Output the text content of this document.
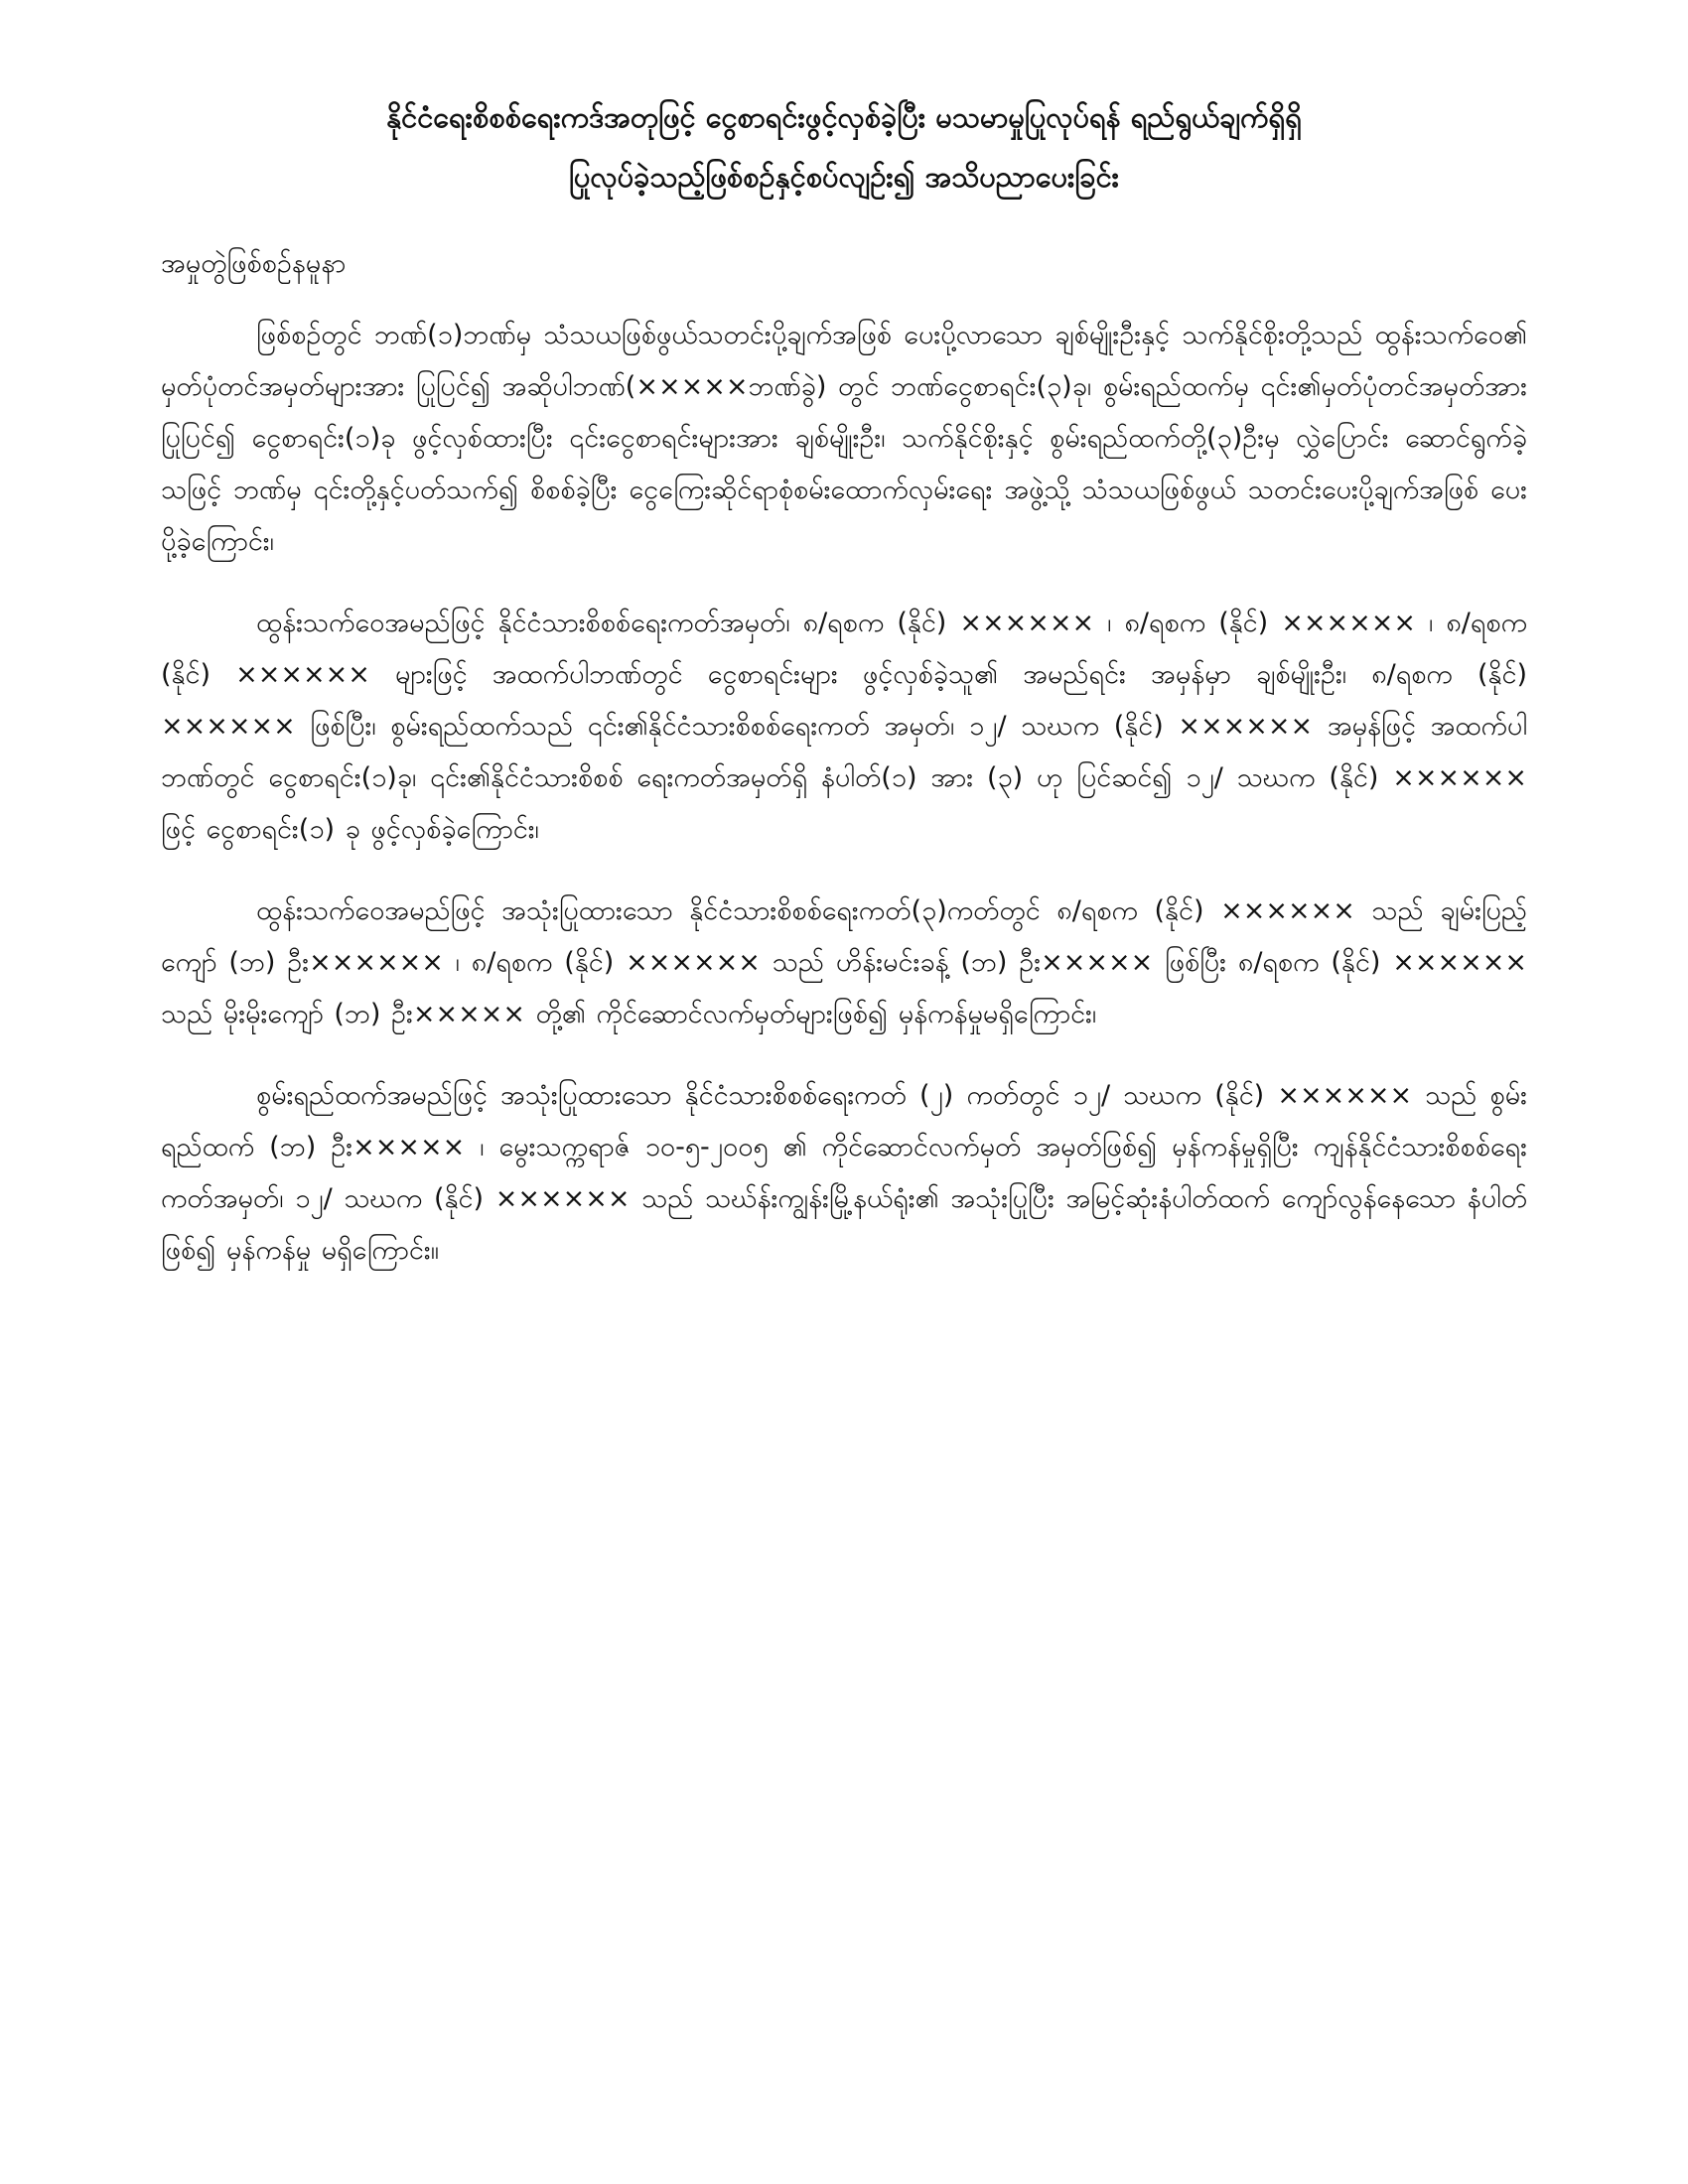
နိုင်ငံရေးစိစစ်ရေးကဒ်အတုဖြင့် ငွေစာရင်းဖွင့်လှစ်ခဲ့ပြီး မသမာမှုပြုလုပ်ရန် ရည်ရွယ်ချက်ရှိရှိ
ပြုလုပ်ခဲ့သည့်ဖြစ်စဉ်နှင့်စပ်လျဉ်း၍ အသိပညာပေးခြင်း

အမှုတွဲဖြစ်စဉ်နမူနာ

ဖြစ်စဉ်တွင် ဘဏ်(၁)ဘဏ်မှ သံသယဖြစ်ဖွယ်သတင်းပို့ချက်အဖြစ် ပေးပို့လာသော ချစ်မျိုးဦးနှင့် သက်နိုင်စိုးတို့သည် ထွန်းသက်ဝေ၏ မှတ်ပုံတင်အမှတ်များအား ပြုပြင်၍ အဆိုပါဘဏ်(×××××ဘဏ်ခွဲ) တွင် ဘဏ်ငွေစာရင်း(၃)ခု၊ စွမ်းရည်ထက်မှ ၎င်း၏မှတ်ပုံတင်အမှတ်အား ပြုပြင်၍ ငွေစာရင်း(၁)ခု ဖွင့်လှစ်ထားပြီး ၎င်းငွေစာရင်းများအား ချစ်မျိုးဦး၊ သက်နိုင်စိုးနှင့် စွမ်းရည်ထက်တို့(၃)ဦးမှ လွှဲပြောင်း ဆောင်ရွက်ခဲ့သဖြင့် ဘဏ်မှ ၎င်းတို့နှင့်ပတ်သက်၍ စိစစ်ခဲ့ပြီး ငွေကြေးဆိုင်ရာစုံစမ်းထောက်လှမ်းရေး အဖွဲ့သို့ သံသယဖြစ်ဖွယ် သတင်းပေးပို့ချက်အဖြစ် ပေးပို့ခဲ့ကြောင်း၊

ထွန်းသက်ဝေအမည်ဖြင့် နိုင်ငံသားစိစစ်ရေးကတ်အမှတ်၊ ၈/ရစက (နိုင်) ×××××× ၊ ၈/ရစက (နိုင်) ×××××× ၊ ၈/ရစက (နိုင်) ×××××× များဖြင့် အထက်ပါဘဏ်တွင် ငွေစာရင်းများ ဖွင့်လှစ်ခဲ့သူ၏ အမည်ရင်း အမှန်မှာ ချစ်မျိုးဦး၊ ၈/ရစက (နိုင်) ×××××× ဖြစ်ပြီး၊ စွမ်းရည်ထက်သည် ၎င်း၏နိုင်ငံသားစိစစ်ရေးကတ် အမှတ်၊ ၁၂/ သဃက (နိုင်) ×××××× အမှန်ဖြင့် အထက်ပါဘဏ်တွင် ငွေစာရင်း(၁)ခု၊ ၎င်း၏နိုင်ငံသားစိစစ် ရေးကတ်အမှတ်ရှိ နံပါတ်(၁) အား (၃) ဟု ပြင်ဆင်၍ ၁၂/ သဃက (နိုင်) ×××××× ဖြင့် ငွေစာရင်း(၁) ခု ဖွင့်လှစ်ခဲ့ကြောင်း၊

ထွန်းသက်ဝေအမည်ဖြင့် အသုံးပြုထားသော နိုင်ငံသားစိစစ်ရေးကတ်(၃)ကတ်တွင် ၈/ရစက (နိုင်) ×××××× သည် ချမ်းပြည့်ကျော် (ဘ) ဦး×××××× ၊ ၈/ရစက (နိုင်) ×××××× သည် ဟိန်းမင်းခန့် (ဘ) ဦး××××× ဖြစ်ပြီး ၈/ရစက (နိုင်) ×××××× သည် မိုးမိုးကျော် (ဘ) ဦး××××× တို့၏ ကိုင်ဆောင်လက်မှတ်များဖြစ်၍ မှန်ကန်မှုမရှိကြောင်း၊

စွမ်းရည်ထက်အမည်ဖြင့် အသုံးပြုထားသော နိုင်ငံသားစိစစ်ရေးကတ် (၂) ကတ်တွင် ၁၂/ သဃက (နိုင်) ×××××× သည် စွမ်းရည်ထက် (ဘ) ဦး××××× ၊ မွေးသက္ကရာဇ် ၁၀-၅-၂၀၀၅ ၏ ကိုင်ဆောင်လက်မှတ် အမှတ်ဖြစ်၍ မှန်ကန်မှုရှိပြီး ကျန်နိုင်ငံသားစိစစ်ရေးကတ်အမှတ်၊ ၁၂/ သဃက (နိုင်) ×××××× သည် သဃ်န်းကျွန်းမြို့နယ်ရုံး၏ အသုံးပြုပြီး အမြင့်ဆုံးနံပါတ်ထက် ကျော်လွန်နေသော နံပါတ်ဖြစ်၍ မှန်ကန်မှု မရှိကြောင်း။
